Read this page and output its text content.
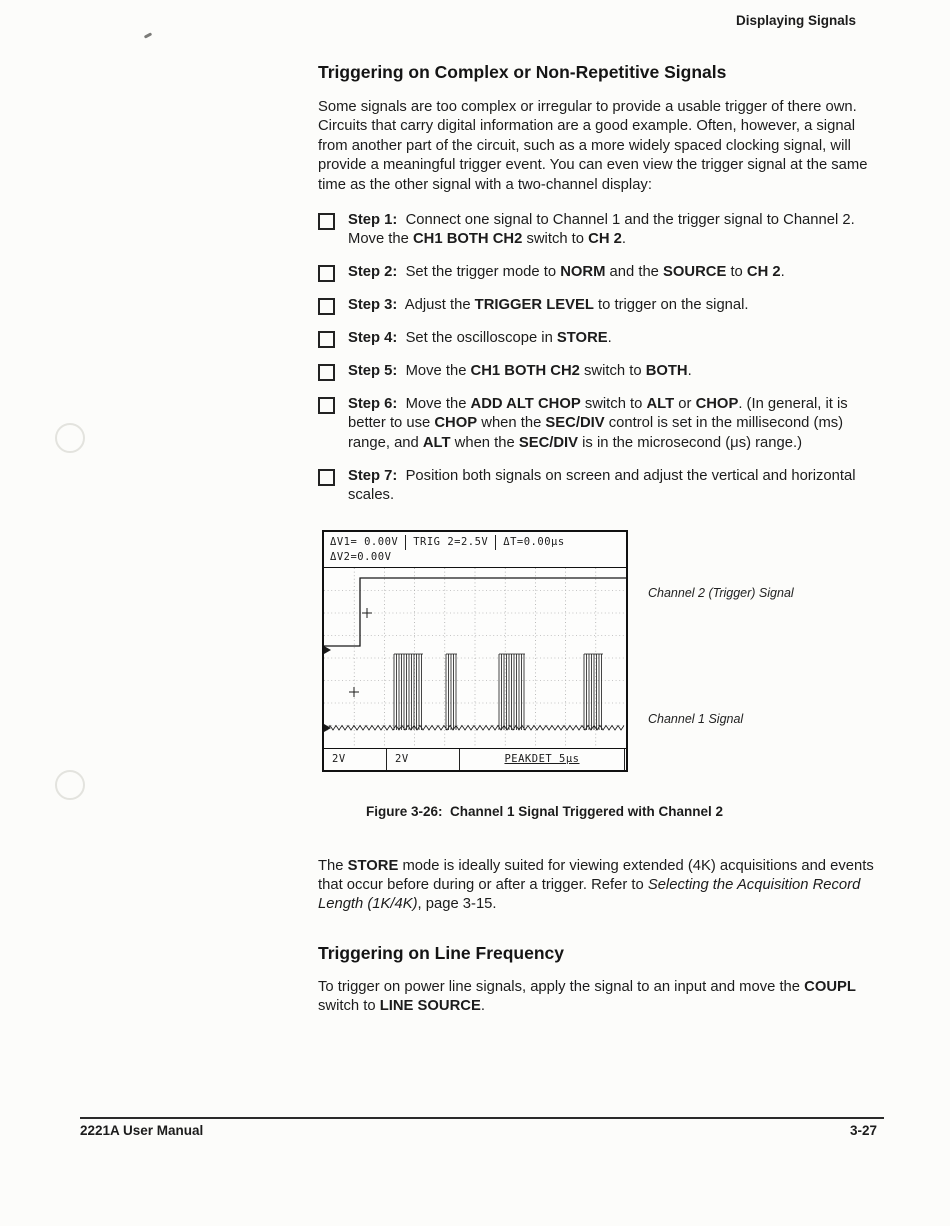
Displaying Signals
Triggering on Complex or Non-Repetitive Signals

Some signals are too complex or irregular to provide a usable trigger of there own. Circuits that carry digital information are a good example. Often, however, a signal from another part of the circuit, such as a more widely spaced clocking signal, will provide a meaningful trigger event. You can even view the trigger signal at the same time as the other signal with a two-channel display:

Step 1:  Connect one signal to Channel 1 and the trigger signal to Channel 2. Move the CH1 BOTH CH2 switch to CH 2.
Step 2:  Set the trigger mode to NORM and the SOURCE to CH 2.
Step 3:  Adjust the TRIGGER LEVEL to trigger on the signal.
Step 4:  Set the oscilloscope in STORE.
Step 5:  Move the CH1 BOTH CH2 switch to BOTH.
Step 6:  Move the ADD ALT CHOP switch to ALT or CHOP. (In general, it is better to use CHOP when the SEC/DIV control is set in the millisecond (ms) range, and ALT when the SEC/DIV is in the microsecond (μs) range.)
Step 7:  Position both signals on screen and adjust the vertical and horizontal scales.
ΔV1= 0.00V TRIG 2=2.5V ΔT=0.00μs
ΔV2=0.00V
2V	2V	PEAKDET 5μs
Channel 2 (Trigger) Signal
Channel 1 Signal
Figure 3-26:  Channel 1 Signal Triggered with Channel 2

The STORE mode is ideally suited for viewing extended (4K) acquisitions and events that occur before during or after a trigger. Refer to Selecting the Acquisition Record Length (1K/4K), page 3-15.

Triggering on Line Frequency

To trigger on power line signals, apply the signal to an input and move the COUPL switch to LINE SOURCE.

2221A User Manual	3-27
